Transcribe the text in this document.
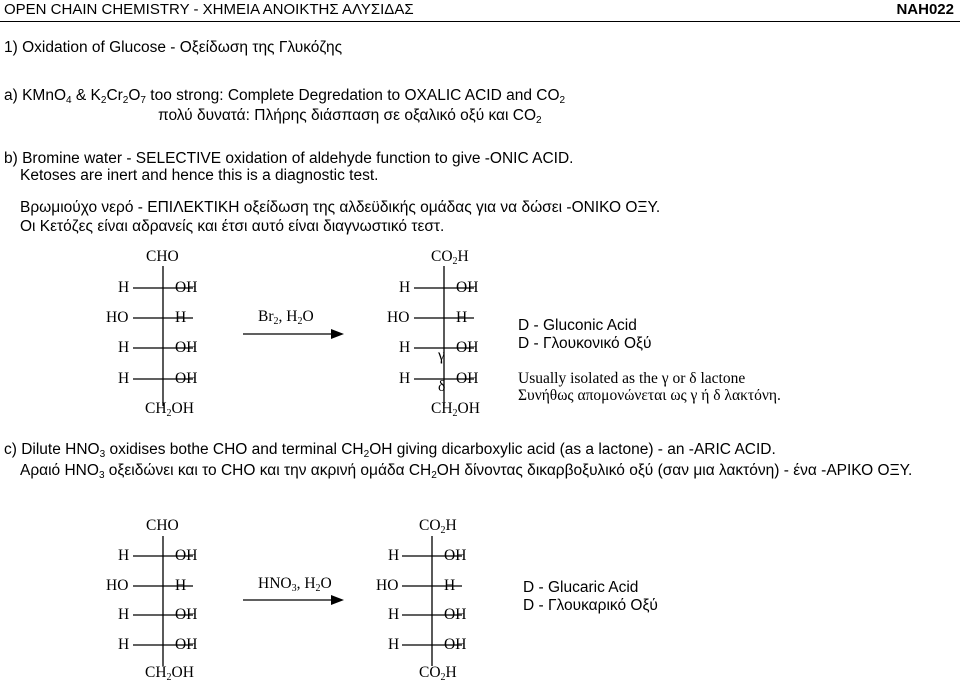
OPEN CHAIN CHEMISTRY - ΧΗΜΕΙΑ ΑΝΟΙΚΤΗΣ ΑΛΥΣΙΔΑΣ	NAH022
1) Oxidation of Glucose - Οξείδωση της Γλυκόζης
a) KMnO$_4$ & $K_2Cr_2O_7$ too strong: Complete Degredation to OXALIC ACID and $CO_2$
πολύ δυνατά: Πλήρης διάσπαση σε οξαλικό οξύ και $CO_2$
b) Bromine water - SELECTIVE oxidation of aldehyde function to give -ONIC ACID.
Ketoses are inert and hence this is a diagnostic test.
Βρωμιούχο νερό - ΕΠΙΛΕΚΤΙΚΗ οξείδωση της αλδεϋδικής ομάδας για να δώσει -ΟΝΙΚΟ ΟΞΥ.
Οι Κετόζες είναι αδρανείς και έτσι αυτό είναι διαγνωστικό τεστ.
CHO
H	OH
HO	H
H	OH
H	OH
$CH_2OH$
$Br_2$, $H_2O$
$CO_2H$
H	OH
HO	H
H	OH
γ
H	OH
δ
$CH_2OH$
D - Gluconic Acid
D - Γλουκονικό Οξύ
Usually isolated as the γ or δ lactone
Συνήθως απομονώνεται ως γ ή δ λακτόνη.
c) Dilute $HNO_3$ oxidises bothe CHO and terminal $CH_2OH$ giving dicarboxylic acid (as a lactone) - an -ARIC ACID.
Αραιό $HNO_3$ οξειδώνει και το CHO και την ακρινή ομάδα $CH_2OH$ δίνοντας δικαρβοξυλικό οξύ (σαν μια λακτόνη) - ένα -ΑΡΙΚΟ ΟΞΥ.
CHO
H	OH
HO	H
H	OH
H	OH
$CH_2OH$
$HNO_3$, $H_2O$
$CO_2H$
H	OH
HO	H
H	OH
H	OH
$CO_2H$
D - Glucaric Acid
D - Γλουκαρικό Οξύ
